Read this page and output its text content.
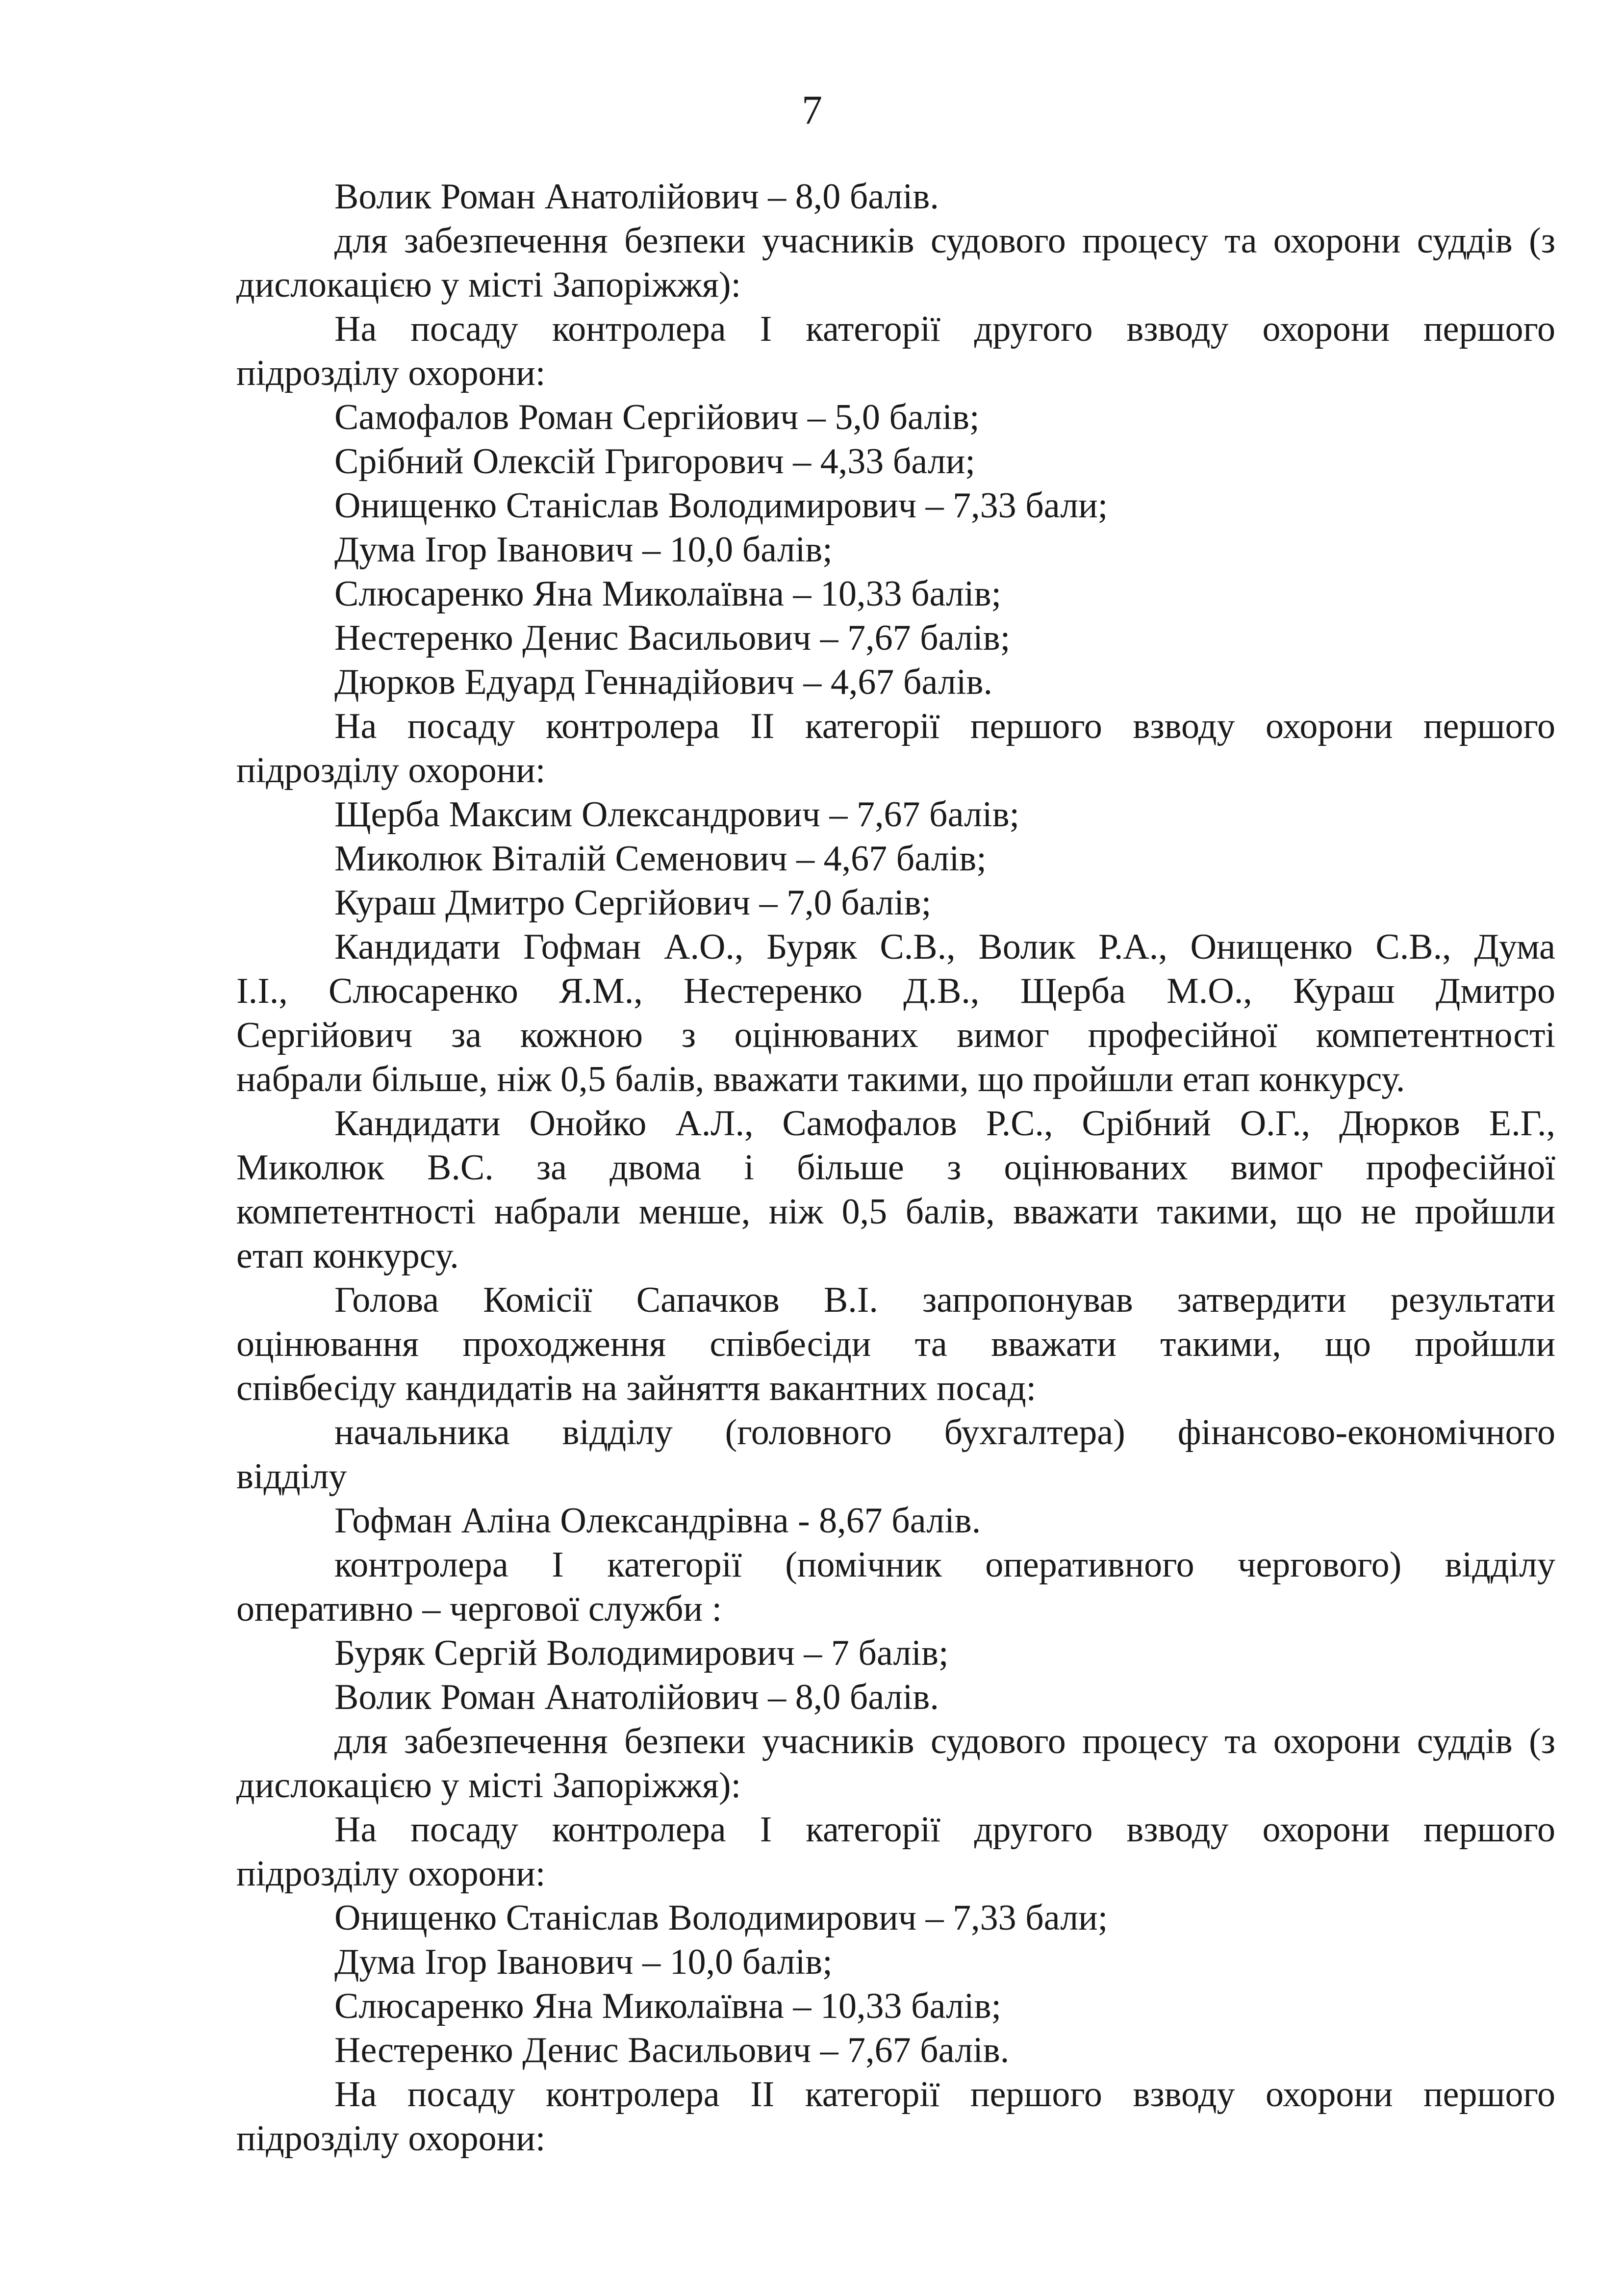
7
Волик Роман Анатолійович – 8,0 балів.
для забезпечення безпеки учасників судового процесу та охорони суддів (з
дислокацією у місті Запоріжжя):
На посаду контролера I категорії другого взводу охорони першого
підрозділу охорони:
Самофалов Роман Сергійович – 5,0 балів;
Срібний Олексій Григорович – 4,33 бали;
Онищенко Станіслав Володимирович – 7,33 бали;
Дума Ігор Іванович – 10,0 балів;
Слюсаренко Яна Миколаївна – 10,33 балів;
Нестеренко Денис Васильович – 7,67 балів;
Дюрков Едуард Геннадійович – 4,67 балів.
На посаду контролера II категорії першого взводу охорони першого
підрозділу охорони:
Щерба Максим Олександрович – 7,67 балів;
Миколюк Віталій Семенович – 4,67 балів;
Кураш Дмитро Сергійович – 7,0 балів;
Кандидати Гофман А.О., Буряк С.В., Волик Р.А., Онищенко С.В., Дума
І.І., Слюсаренко Я.М., Нестеренко Д.В., Щерба М.О., Кураш Дмитро
Сергійович за кожною з оцінюваних вимог професійної компетентності
набрали більше, ніж 0,5 балів, вважати такими, що пройшли етап конкурсу.
Кандидати Онойко А.Л., Самофалов Р.С., Срібний О.Г., Дюрков Е.Г.,
Миколюк В.С. за двома і більше з оцінюваних вимог професійної
компетентності набрали менше, ніж 0,5 балів, вважати такими, що не пройшли
етап конкурсу.
Голова Комісії Сапачков В.І. запропонував затвердити результати
оцінювання проходження співбесіди та вважати такими, що пройшли
співбесіду кандидатів на зайняття вакантних посад:
начальника відділу (головного бухгалтера) фінансово-економічного
відділу
Гофман Аліна Олександрівна - 8,67 балів.
контролера I категорії (помічник оперативного чергового) відділу
оперативно – чергової служби :
Буряк Сергій Володимирович – 7 балів;
Волик Роман Анатолійович – 8,0 балів.
для забезпечення безпеки учасників судового процесу та охорони суддів (з
дислокацією у місті Запоріжжя):
На посаду контролера I категорії другого взводу охорони першого
підрозділу охорони:
Онищенко Станіслав Володимирович – 7,33 бали;
Дума Ігор Іванович – 10,0 балів;
Слюсаренко Яна Миколаївна – 10,33 балів;
Нестеренко Денис Васильович – 7,67 балів.
На посаду контролера II категорії першого взводу охорони першого
підрозділу охорони:
